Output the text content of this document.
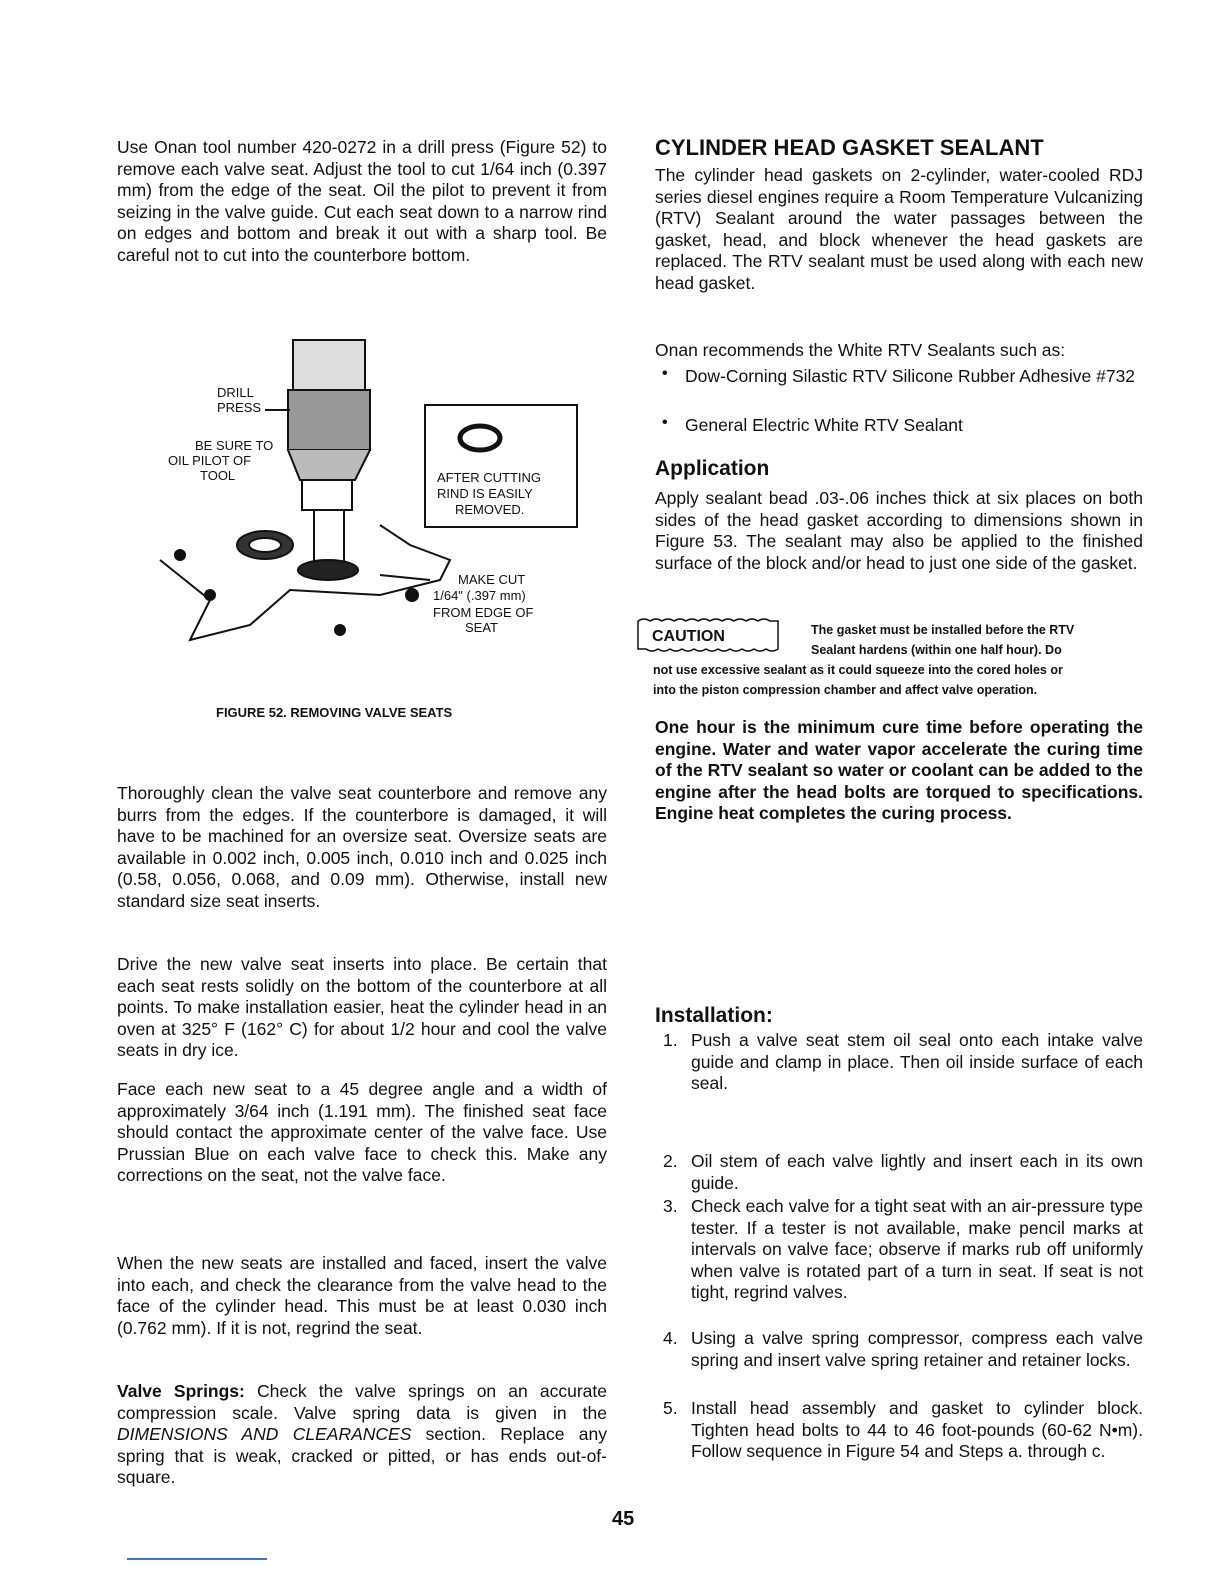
Use Onan tool number 420-0272 in a drill press (Figure 52) to remove each valve seat. Adjust the tool to cut 1/64 inch (0.397 mm) from the edge of the seat. Oil the pilot to prevent it from seizing in the valve guide. Cut each seat down to a narrow rind on edges and bottom and break it out with a sharp tool. Be careful not to cut into the counterbore bottom.

DRILL
PRESS
BE SURE TO
OIL PILOT OF
TOOL	AFTER CUTTING
RIND IS EASILY
REMOVED.
MAKE CUT
1/64" (.397 mm)
FROM EDGE OF
SEAT
FIGURE 52. REMOVING VALVE SEATS

Thoroughly clean the valve seat counterbore and remove any burrs from the edges. If the counterbore is damaged, it will have to be machined for an oversize seat. Oversize seats are available in 0.002 inch, 0.005 inch, 0.010 inch and 0.025 inch (0.58, 0.056, 0.068, and 0.09 mm). Otherwise, install new standard size seat inserts.

Drive the new valve seat inserts into place. Be certain that each seat rests solidly on the bottom of the counterbore at all points. To make installation easier, heat the cylinder head in an oven at 325° F (162° C) for about 1/2 hour and cool the valve seats in dry ice.

Face each new seat to a 45 degree angle and a width of approximately 3/64 inch (1.191 mm). The finished seat face should contact the approximate center of the valve face. Use Prussian Blue on each valve face to check this. Make any corrections on the seat, not the valve face.

When the new seats are installed and faced, insert the valve into each, and check the clearance from the valve head to the face of the cylinder head. This must be at least 0.030 inch (0.762 mm). If it is not, regrind the seat.

Valve Springs: Check the valve springs on an accurate compression scale. Valve spring data is given in the DIMENSIONS AND CLEARANCES section. Replace any spring that is weak, cracked or pitted, or has ends out-of-square.

CYLINDER HEAD GASKET SEALANT

The cylinder head gaskets on 2-cylinder, water-cooled RDJ series diesel engines require a Room Temperature Vulcanizing (RTV) Sealant around the water passages between the gasket, head, and block whenever the head gaskets are replaced. The RTV sealant must be used along with each new head gasket.

Onan recommends the White RTV Sealants such as:

• Dow-Corning Silastic RTV Silicone Rubber Adhesive #732
• General Electric White RTV Sealant
Application

Apply sealant bead .03-.06 inches thick at six places on both sides of the head gasket according to dimensions shown in Figure 53. The sealant may also be applied to the finished surface of the block and/or head to just one side of the gasket.

CAUTION	The gasket must be installed before the RTV
Sealant hardens (within one half hour). Do
not use excessive sealant as it could squeeze into the cored holes or
into the piston compression chamber and affect valve operation.

One hour is the minimum cure time before operating the engine. Water and water vapor accelerate the curing time of the RTV sealant so water or coolant can be added to the engine after the head bolts are torqued to specifications. Engine heat completes the curing process.

Installation:
1. Push a valve seat stem oil seal onto each intake valve guide and clamp in place. Then oil inside surface of each seal.
2. Oil stem of each valve lightly and insert each in its own guide.
3. Check each valve for a tight seat with an air-pressure type tester. If a tester is not available, make pencil marks at intervals on valve face; observe if marks rub off uniformly when valve is rotated part of a turn in seat. If seat is not tight, regrind valves.
4. Using a valve spring compressor, compress each valve spring and insert valve spring retainer and retainer locks.
5. Install head assembly and gasket to cylinder block. Tighten head bolts to 44 to 46 foot-pounds (60-62 N•m). Follow sequence in Figure 54 and Steps a. through c.
45
